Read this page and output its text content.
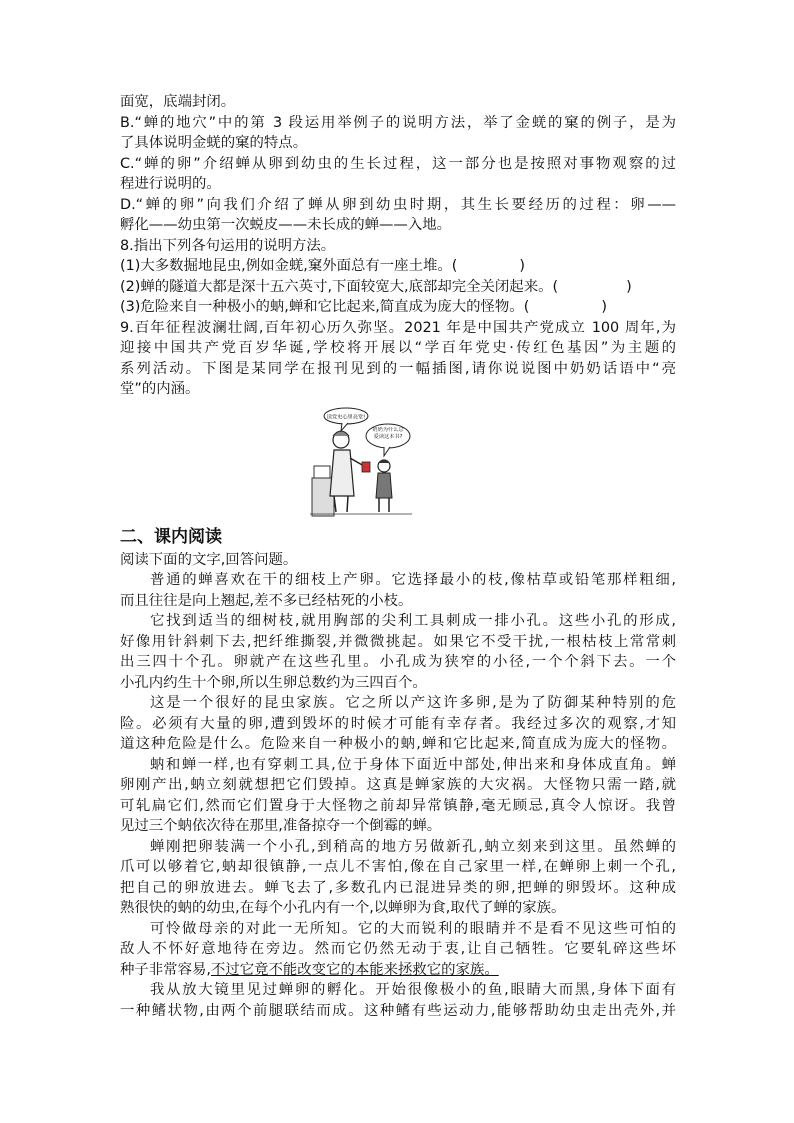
面宽，底端封闭。
B.“蝉的地穴”中的第 3 段运用举例子的说明方法，举了金蜣的窠的例子，是为
了具体说明金蜣的窠的特点。
C.“蝉的卵”介绍蝉从卵到幼虫的生长过程，这一部分也是按照对事物观察的过
程进行说明的。
D.“蝉的卵”向我们介绍了蝉从卵到幼虫时期，其生长要经历的过程：卵——
孵化——幼虫第一次蜕皮——未长成的蝉——入地。
8.指出下列各句运用的说明方法。
(1)大多数掘地昆虫,例如金蜣,窠外面总有一座土堆。(	)
(2)蝉的隧道大都是深十五六英寸,下面较宽大,底部却完全关闭起来。(	)
(3)危险来自一种极小的蚋,蝉和它比起来,简直成为庞大的怪物。(	)
9.百年征程波澜壮阔,百年初心历久弥坚。2021 年是中国共产党成立 100 周年,为
迎接中国共产党百岁华诞,学校将开展以“学百年党史·传红色基因”为主题的
系列活动。下图是某同学在报刊见到的一幅插图,请你说说图中奶奶话语中“亮
堂”的内涵。
读党史心里亮堂!
奶奶为什么总爱读这本书?
二、课内阅读
阅读下面的文字,回答问题。
普通的蝉喜欢在干的细枝上产卵。它选择最小的枝,像枯草或铅笔那样粗细,
而且往往是向上翘起,差不多已经枯死的小枝。
它找到适当的细树枝,就用胸部的尖利工具刺成一排小孔。这些小孔的形成,
好像用针斜刺下去,把纤维撕裂,并微微挑起。如果它不受干扰,一根枯枝上常常刺
出三四十个孔。卵就产在这些孔里。小孔成为狭窄的小径,一个个斜下去。一个
小孔内约生十个卵,所以生卵总数约为三四百个。
这是一个很好的昆虫家族。它之所以产这许多卵,是为了防御某种特别的危
险。必须有大量的卵,遭到毁坏的时候才可能有幸存者。我经过多次的观察,才知
道这种危险是什么。危险来自一种极小的蚋,蝉和它比起来,简直成为庞大的怪物。
蚋和蝉一样,也有穿刺工具,位于身体下面近中部处,伸出来和身体成直角。蝉
卵刚产出,蚋立刻就想把它们毁掉。这真是蝉家族的大灾祸。大怪物只需一踏,就
可轧扁它们,然而它们置身于大怪物之前却异常镇静,毫无顾忌,真令人惊讶。我曾
见过三个蚋依次待在那里,准备掠夺一个倒霉的蝉。
蝉刚把卵装满一个小孔,到稍高的地方另做新孔,蚋立刻来到这里。虽然蝉的
爪可以够着它,蚋却很镇静,一点儿不害怕,像在自己家里一样,在蝉卵上刺一个孔,
把自己的卵放进去。蝉飞去了,多数孔内已混进异类的卵,把蝉的卵毁坏。这种成
熟很快的蚋的幼虫,在每个小孔内有一个,以蝉卵为食,取代了蝉的家族。
可怜做母亲的对此一无所知。它的大而锐利的眼睛并不是看不见这些可怕的
敌人不怀好意地待在旁边。然而它仍然无动于衷,让自己牺牲。它要轧碎这些坏
种子非常容易,不过它竟不能改变它的本能来拯救它的家族。
我从放大镜里见过蝉卵的孵化。开始很像极小的鱼,眼睛大而黑,身体下面有
一种鳍状物,由两个前腿联结而成。这种鳍有些运动力,能够帮助幼虫走出壳外,并
